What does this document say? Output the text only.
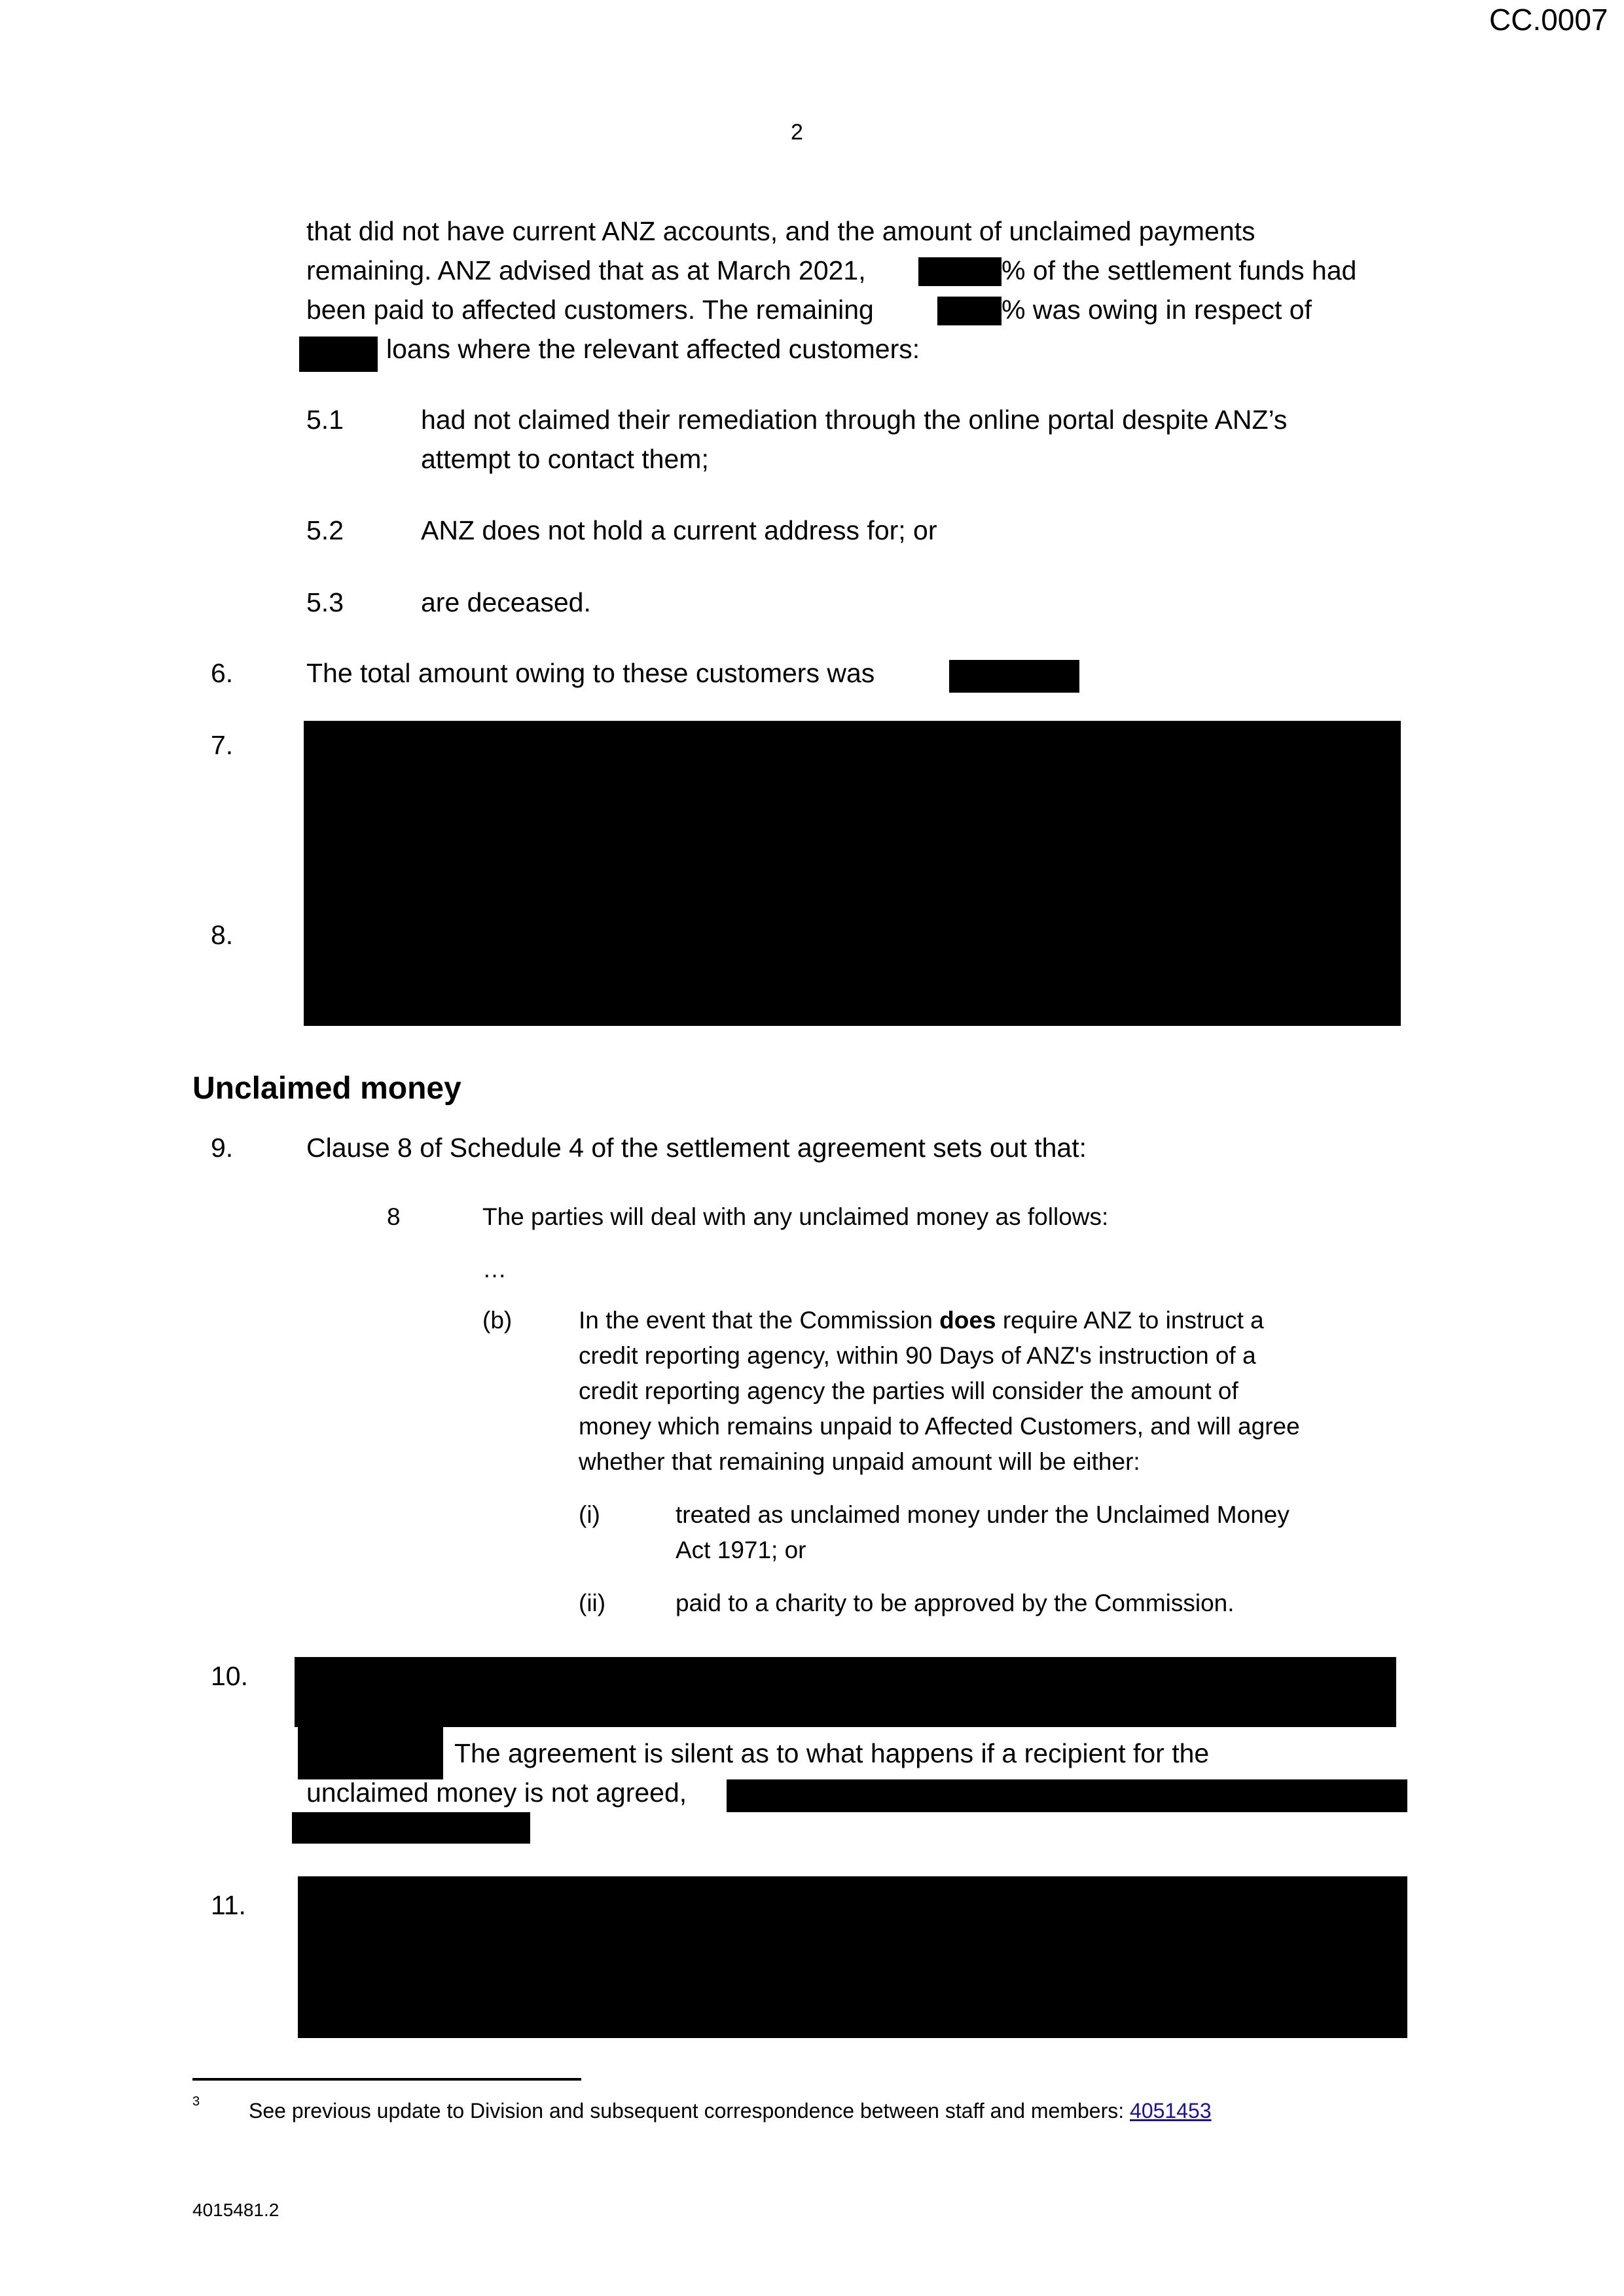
CC.0007
2
that did not have current ANZ accounts, and the amount of unclaimed payments
remaining. ANZ advised that as at March 2021,	% of the settlement funds had
been paid to affected customers. The remaining	% was owing in respect of
loans where the relevant affected customers:
5.1	had not claimed their remediation through the online portal despite ANZ’s
attempt to contact them;
5.2	ANZ does not hold a current address for; or
5.3	are deceased.
6.	The total amount owing to these customers was
7.
8.
Unclaimed money
9.	Clause 8 of Schedule 4 of the settlement agreement sets out that:
8	The parties will deal with any unclaimed money as follows:
…
(b)	In the event that the Commission does require ANZ to instruct a
credit reporting agency, within 90 Days of ANZ's instruction of a
credit reporting agency the parties will consider the amount of
money which remains unpaid to Affected Customers, and will agree
whether that remaining unpaid amount will be either:
(i)	treated as unclaimed money under the Unclaimed Money
Act 1971; or
(ii)	paid to a charity to be approved by the Commission.
10.
The agreement is silent as to what happens if a recipient for the
unclaimed money is not agreed,
11.
3 See previous update to Division and subsequent correspondence between staff and members: 4051453
4015481.2
